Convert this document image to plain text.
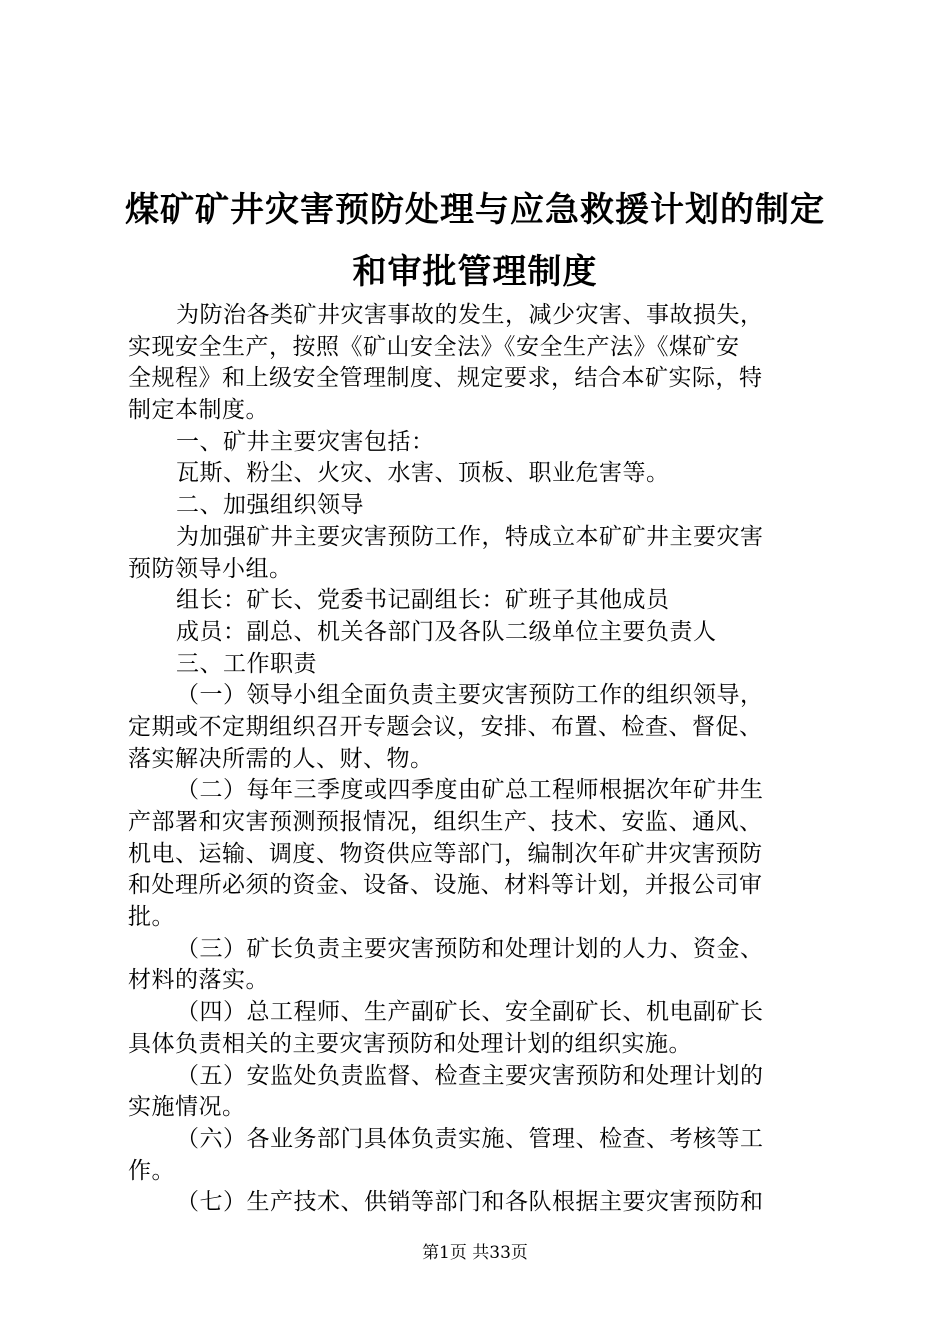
煤矿矿井灾害预防处理与应急救援计划的制定
和审批管理制度
为防治各类矿井灾害事故的发生，减少灾害、事故损失，
实现安全生产，按照《矿山安全法》《安全生产法》《煤矿安
全规程》和上级安全管理制度、规定要求，结合本矿实际，特
制定本制度。
一、矿井主要灾害包括：
瓦斯、粉尘、火灾、水害、顶板、职业危害等。
二、加强组织领导
为加强矿井主要灾害预防工作，特成立本矿矿井主要灾害
预防领导小组。
组长：矿长、党委书记副组长：矿班子其他成员
成员：副总、机关各部门及各队二级单位主要负责人
三、工作职责
（一）领导小组全面负责主要灾害预防工作的组织领导，
定期或不定期组织召开专题会议，安排、布置、检查、督促、
落实解决所需的人、财、物。
（二）每年三季度或四季度由矿总工程师根据次年矿井生
产部署和灾害预测预报情况，组织生产、技术、安监、通风、
机电、运输、调度、物资供应等部门，编制次年矿井灾害预防
和处理所必须的资金、设备、设施、材料等计划，并报公司审
批。
（三）矿长负责主要灾害预防和处理计划的人力、资金、
材料的落实。
（四）总工程师、生产副矿长、安全副矿长、机电副矿长
具体负责相关的主要灾害预防和处理计划的组织实施。
（五）安监处负责监督、检查主要灾害预防和处理计划的
实施情况。
（六）各业务部门具体负责实施、管理、检查、考核等工
作。
（七）生产技术、供销等部门和各队根据主要灾害预防和
第1页 共33页
